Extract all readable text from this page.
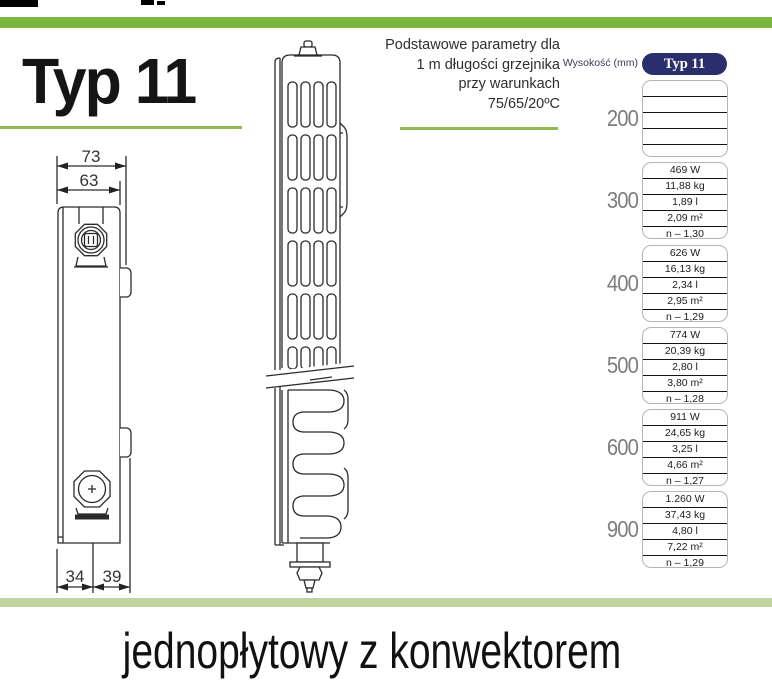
Typ 11	Podstawowe parametry dla
1 m długości grzejnika
przy warunkach
75/65/20ºC
73
63
34 39
Wysokość (mm)	Typ 11
200
300
469 W
11,88 kg
1,89 l
2,09 m²
n – 1,30
400
626 W
16,13 kg
2,34 l
2,95 m²
n – 1,29
500
774 W
20,39 kg
2,80 l
3,80 m²
n – 1,28
600
911 W
24,65 kg
3,25 l
4,66 m²
n – 1,27
900
1.260 W
37,43 kg
4,80 l
7,22 m²
n – 1,29
jednopłytowy z konwektorem
